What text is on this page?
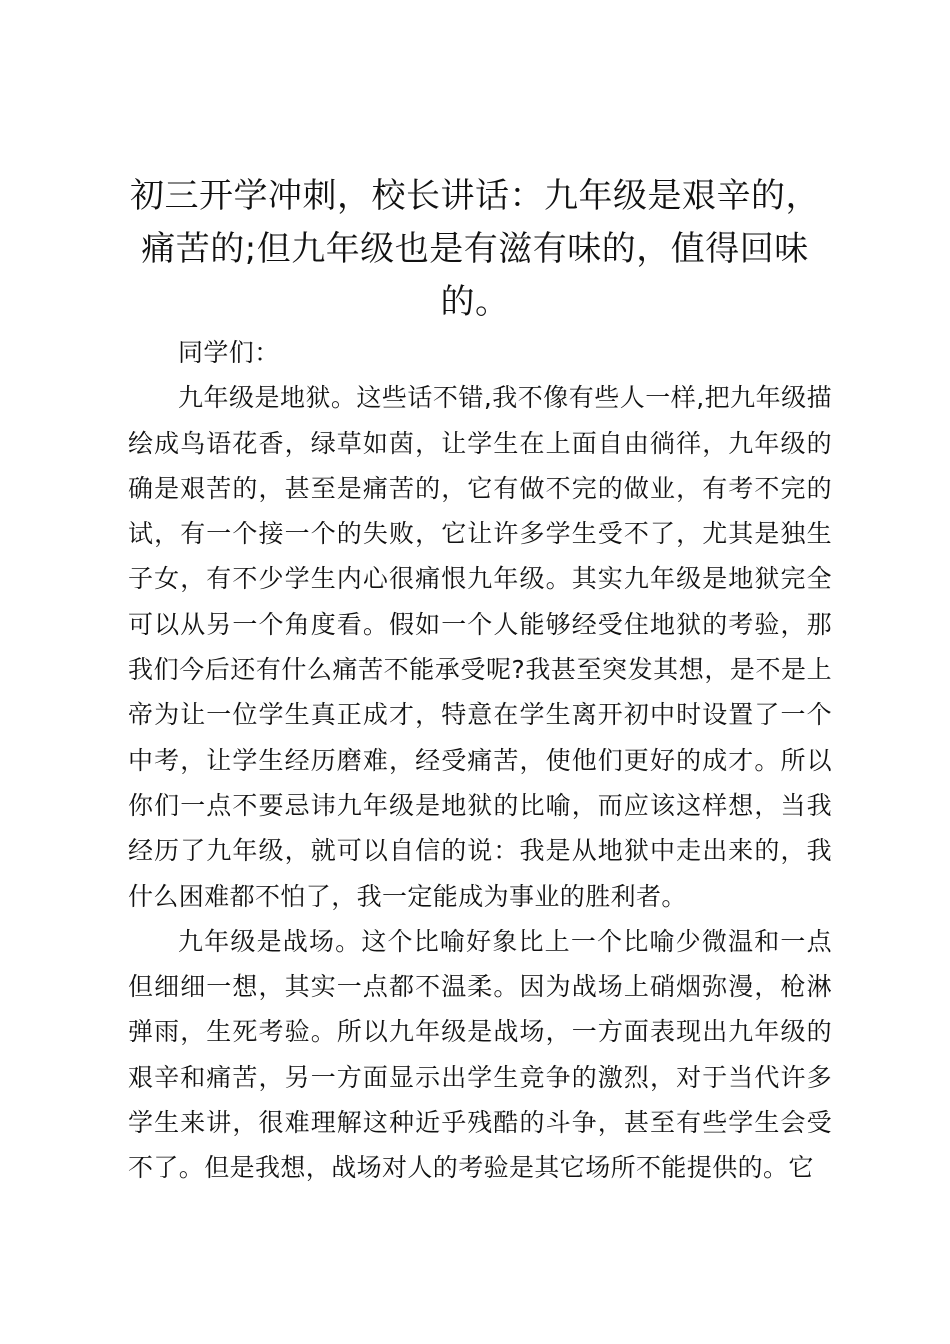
初三开学冲刺，校长讲话：九年级是艰辛的，痛苦的;但九年级也是有滋有味的，值得回味的。

同学们：

九年级是地狱。这些话不错,我不像有些人一样,把九年级描绘成鸟语花香，绿草如茵，让学生在上面自由徜徉，九年级的确是艰苦的，甚至是痛苦的，它有做不完的做业，有考不完的试，有一个接一个的失败，它让许多学生受不了，尤其是独生子女，有不少学生内心很痛恨九年级。其实九年级是地狱完全可以从另一个角度看。假如一个人能够经受住地狱的考验，那我们今后还有什么痛苦不能承受呢?我甚至突发其想，是不是上帝为让一位学生真正成才，特意在学生离开初中时设置了一个中考，让学生经历磨难，经受痛苦，使他们更好的成才。所以你们一点不要忌讳九年级是地狱的比喻，而应该这样想，当我经历了九年级，就可以自信的说：我是从地狱中走出来的，我什么困难都不怕了，我一定能成为事业的胜利者。

九年级是战场。这个比喻好象比上一个比喻少微温和一点但细细一想，其实一点都不温柔。因为战场上硝烟弥漫，枪淋弹雨，生死考验。所以九年级是战场，一方面表现出九年级的艰辛和痛苦，另一方面显示出学生竞争的激烈，对于当代许多学生来讲，很难理解这种近乎残酷的斗争，甚至有些学生会受不了。但是我想，战场对人的考验是其它场所不能提供的。它
